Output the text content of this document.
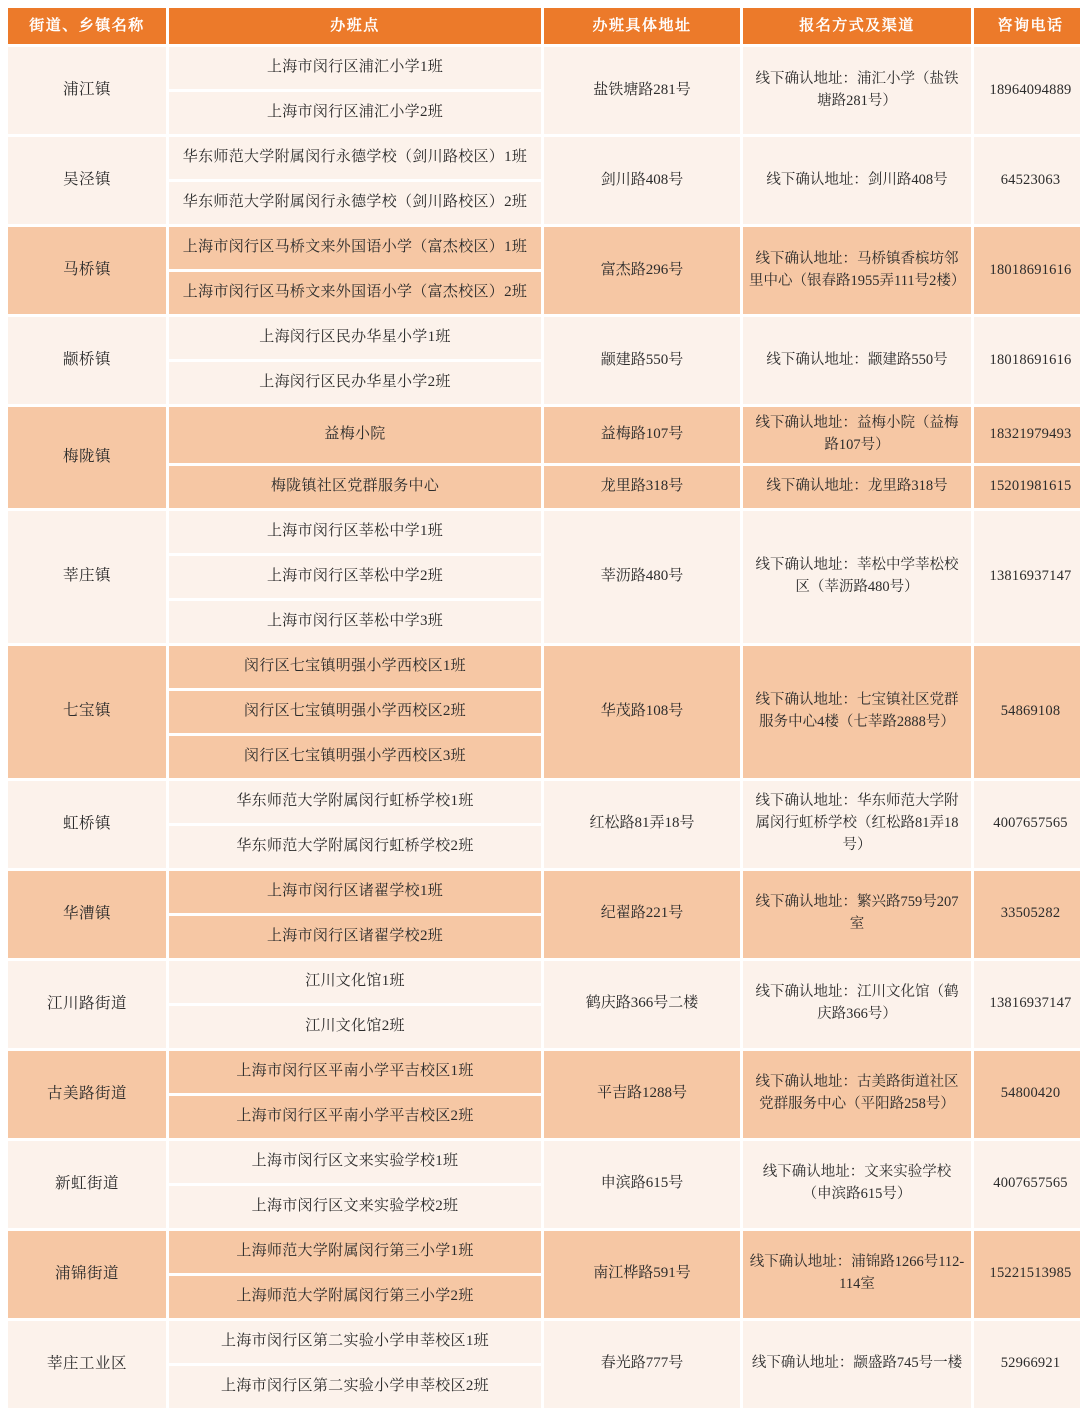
街道、乡镇名称	办班点	办班具体地址	报名方式及渠道	咨询电话
浦江镇	上海市闵行区浦汇小学1班	盐铁塘路281号	线下确认地址：浦汇小学（盐铁塘路281号）	18964094889
	上海市闵行区浦汇小学2班			
吴泾镇	华东师范大学附属闵行永德学校（剑川路校区）1班	剑川路408号	线下确认地址：剑川路408号	64523063
	华东师范大学附属闵行永德学校（剑川路校区）2班			
马桥镇	上海市闵行区马桥文来外国语小学（富杰校区）1班	富杰路296号	线下确认地址：马桥镇香槟坊邻里中心（银春路1955弄111号2楼）	18018691616
	上海市闵行区马桥文来外国语小学（富杰校区）2班			
颛桥镇	上海闵行区民办华星小学1班	颛建路550号	线下确认地址：颛建路550号	18018691616
	上海闵行区民办华星小学2班			
梅陇镇	益梅小院	益梅路107号	线下确认地址：益梅小院（益梅路107号）	18321979493
	梅陇镇社区党群服务中心	龙里路318号	线下确认地址：龙里路318号	15201981615
莘庄镇	上海市闵行区莘松中学1班	莘沥路480号	线下确认地址：莘松中学莘松校区（莘沥路480号）	13816937147
	上海市闵行区莘松中学2班			
	上海市闵行区莘松中学3班			
七宝镇	闵行区七宝镇明强小学西校区1班	华茂路108号	线下确认地址：七宝镇社区党群服务中心4楼（七莘路2888号）	54869108
	闵行区七宝镇明强小学西校区2班			
	闵行区七宝镇明强小学西校区3班			
虹桥镇	华东师范大学附属闵行虹桥学校1班	红松路81弄18号	线下确认地址：华东师范大学附属闵行虹桥学校（红松路81弄18号）	4007657565
	华东师范大学附属闵行虹桥学校2班			
华漕镇	上海市闵行区诸翟学校1班	纪翟路221号	线下确认地址：繁兴路759号207室	33505282
	上海市闵行区诸翟学校2班			
江川路街道	江川文化馆1班	鹤庆路366号二楼	线下确认地址：江川文化馆（鹤庆路366号）	13816937147
	江川文化馆2班			
古美路街道	上海市闵行区平南小学平吉校区1班	平吉路1288号	线下确认地址：古美路街道社区党群服务中心（平阳路258号）	54800420
	上海市闵行区平南小学平吉校区2班			
新虹街道	上海市闵行区文来实验学校1班	申滨路615号	线下确认地址：文来实验学校（申滨路615号）	4007657565
	上海市闵行区文来实验学校2班			
浦锦街道	上海师范大学附属闵行第三小学1班	南江桦路591号	线下确认地址：浦锦路1266号112-114室	15221513985
	上海师范大学附属闵行第三小学2班			
莘庄工业区	上海市闵行区第二实验小学申莘校区1班	春光路777号	线下确认地址：颛盛路745号一楼	52966921
	上海市闵行区第二实验小学申莘校区2班			
